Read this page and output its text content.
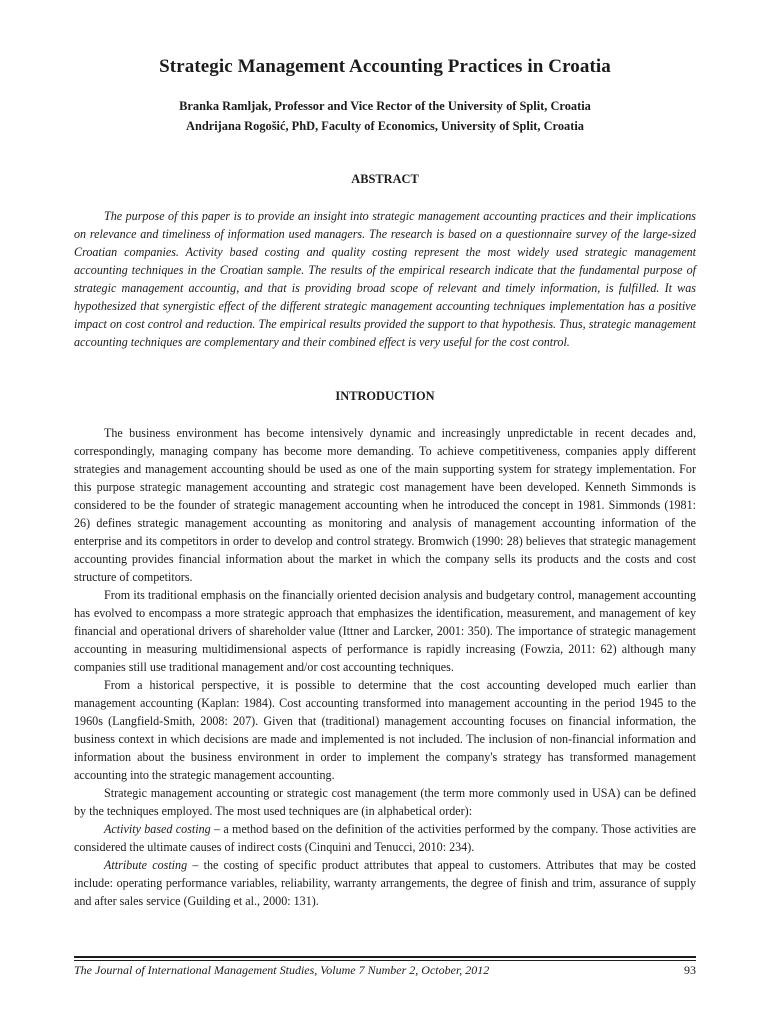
Strategic Management Accounting Practices in Croatia
Branka Ramljak, Professor and Vice Rector of the University of Split, Croatia
Andrijana Rogošić, PhD, Faculty of Economics, University of Split, Croatia
ABSTRACT

The purpose of this paper is to provide an insight into strategic management accounting practices and their implications on relevance and timeliness of information used managers. The research is based on a questionnaire survey of the large-sized Croatian companies. Activity based costing and quality costing represent the most widely used strategic management accounting techniques in the Croatian sample. The results of the empirical research indicate that the fundamental purpose of strategic management accountig, and that is providing broad scope of relevant and timely information, is fulfilled. It was hypothesized that synergistic effect of the different strategic management accounting techniques implementation has a positive impact on cost control and reduction. The empirical results provided the support to that hypothesis. Thus, strategic management accounting techniques are complementary and their combined effect is very useful for the cost control.

INTRODUCTION

The business environment has become intensively dynamic and increasingly unpredictable in recent decades and, correspondingly, managing company has become more demanding. To achieve competitiveness, companies apply different strategies and management accounting should be used as one of the main supporting system for strategy implementation. For this purpose strategic management accounting and strategic cost management have been developed. Kenneth Simmonds is considered to be the founder of strategic management accounting when he introduced the concept in 1981. Simmonds (1981: 26) defines strategic management accounting as monitoring and analysis of management accounting information of the enterprise and its competitors in order to develop and control strategy. Bromwich (1990: 28) believes that strategic management accounting provides financial information about the market in which the company sells its products and the costs and cost structure of competitors.

From its traditional emphasis on the financially oriented decision analysis and budgetary control, management accounting has evolved to encompass a more strategic approach that emphasizes the identification, measurement, and management of key financial and operational drivers of shareholder value (Ittner and Larcker, 2001: 350). The importance of strategic management accounting in measuring multidimensional aspects of performance is rapidly increasing (Fowzia, 2011: 62) although many companies still use traditional management and/or cost accounting techniques.

From a historical perspective, it is possible to determine that the cost accounting developed much earlier than management accounting (Kaplan: 1984). Cost accounting transformed into management accounting in the period 1945 to the 1960s (Langfield-Smith, 2008: 207). Given that (traditional) management accounting focuses on financial information, the business context in which decisions are made and implemented is not included. The inclusion of non-financial information and information about the business environment in order to implement the company's strategy has transformed management accounting into the strategic management accounting.

Strategic management accounting or strategic cost management (the term more commonly used in USA) can be defined by the techniques employed. The most used techniques are (in alphabetical order):

Activity based costing – a method based on the definition of the activities performed by the company. Those activities are considered the ultimate causes of indirect costs (Cinquini and Tenucci, 2010: 234).

Attribute costing – the costing of specific product attributes that appeal to customers. Attributes that may be costed include: operating performance variables, reliability, warranty arrangements, the degree of finish and trim, assurance of supply and after sales service (Guilding et al., 2000: 131).

The Journal of International Management Studies, Volume 7 Number 2, October, 2012	93
